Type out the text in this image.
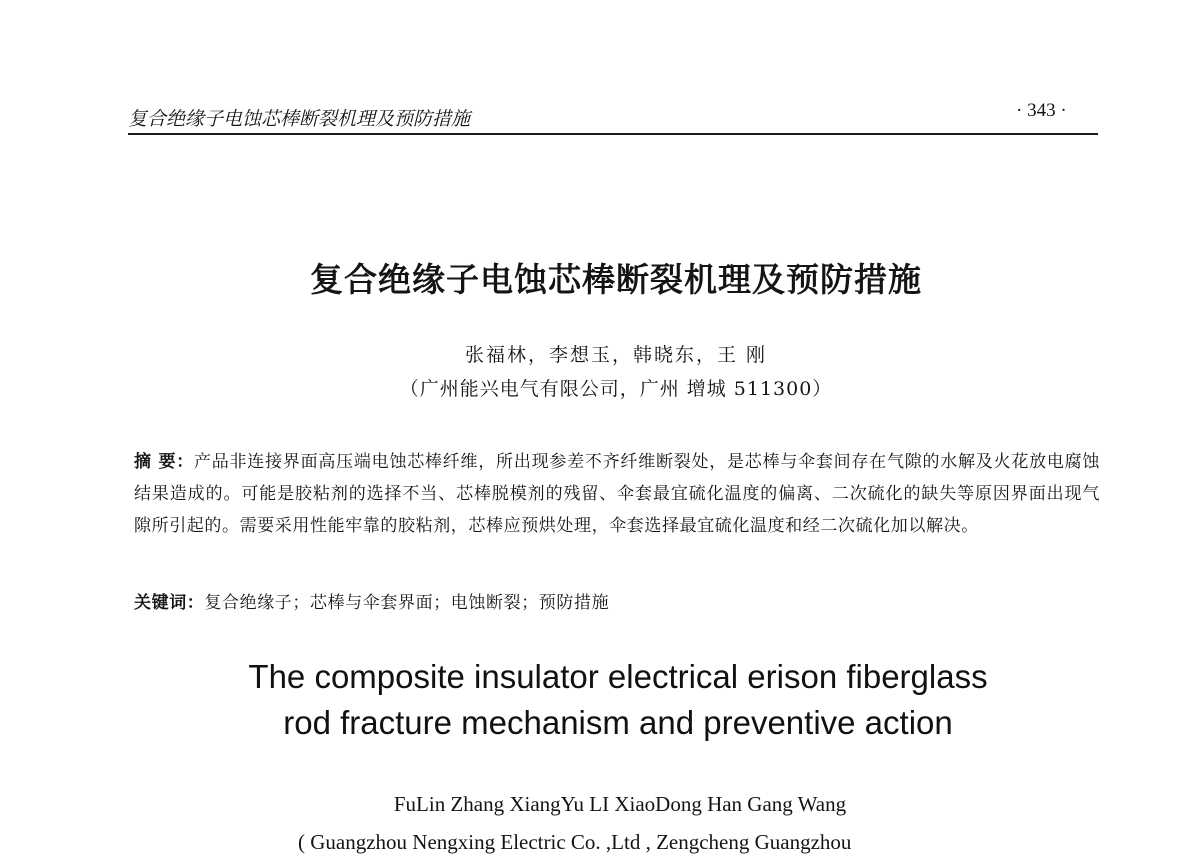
复合绝缘子电蚀芯棒断裂机理及预防措施	· 343 ·
复合绝缘子电蚀芯棒断裂机理及预防措施
张福林，李想玉，韩晓东，王 刚
（广州能兴电气有限公司，广州 增城 511300）
摘 要：产品非连接界面高压端电蚀芯棒纤维，所出现参差不齐纤维断裂处，是芯棒与伞套间存在气隙的水解及火花放电腐蚀结果造成的。可能是胶粘剂的选择不当、芯棒脱模剂的残留、伞套最宜硫化温度的偏离、二次硫化的缺失等原因界面出现气隙所引起的。需要采用性能牢靠的胶粘剂，芯棒应预烘处理，伞套选择最宜硫化温度和经二次硫化加以解决。
关键词：复合绝缘子；芯棒与伞套界面；电蚀断裂；预防措施
The composite insulator electrical erison fiberglass
rod fracture mechanism and preventive action
FuLin Zhang XiangYu LI XiaoDong Han Gang Wang
( Guangzhou Nengxing Electric Co. ,Ltd , Zengcheng Guangzhou
